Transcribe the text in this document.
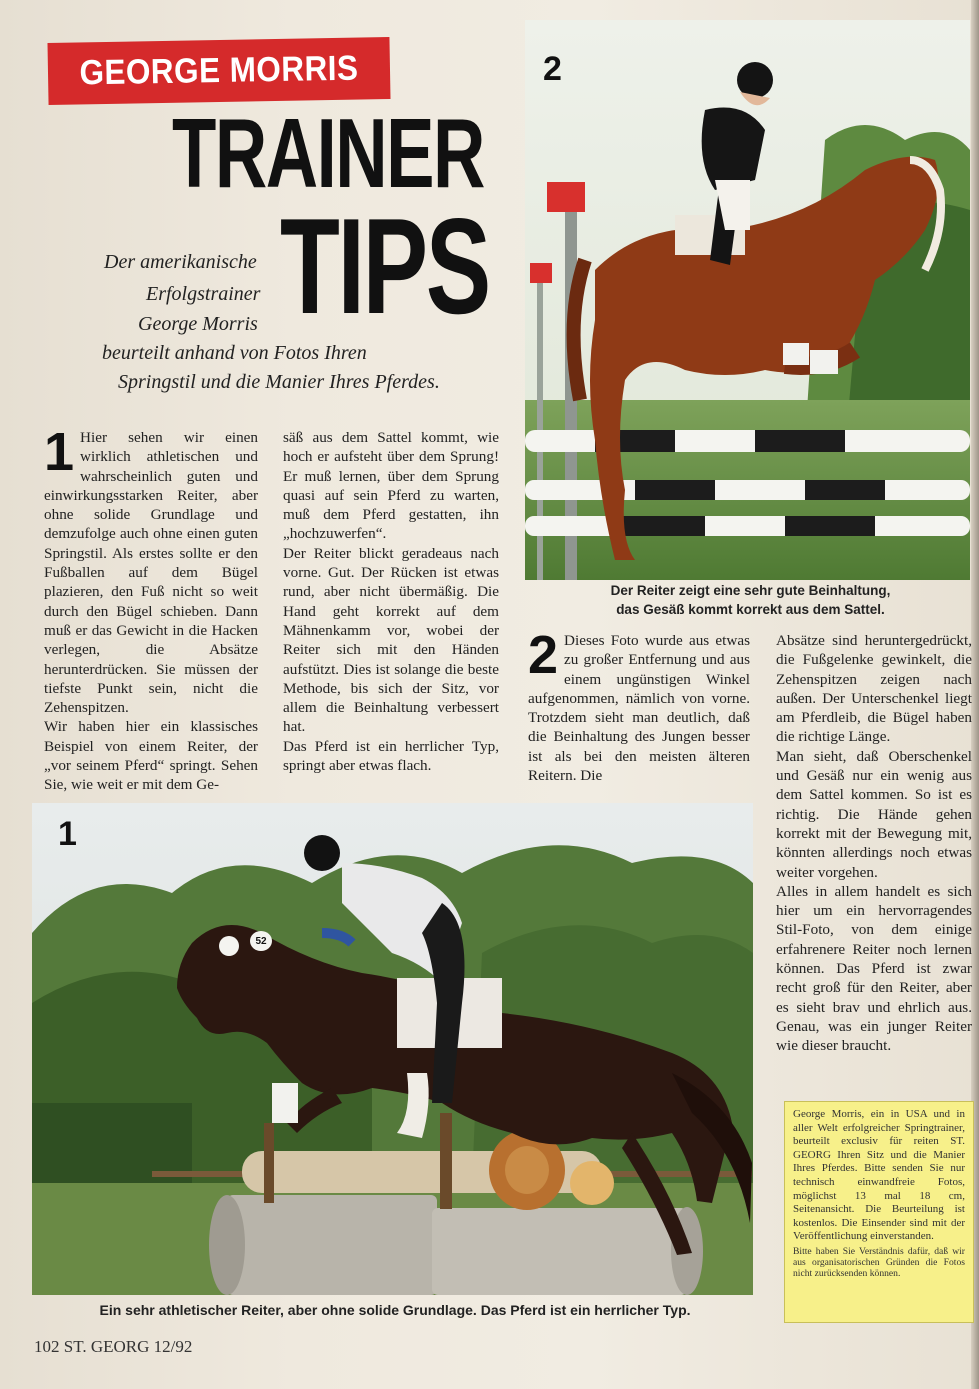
GEORGE MORRIS
TRAINER
TIPS
Der amerikanische
Erfolgstrainer
George Morris
beurteilt anhand von Fotos Ihren
Springstil und die Manier Ihres Pferdes.
1 Hier sehen wir einen wirklich athletischen und wahrscheinlich guten und einwirkungsstarken Reiter, aber ohne solide Grundlage und demzufolge auch ohne einen guten Springstil. Als erstes sollte er den Fußballen auf dem Bügel plazieren, den Fuß nicht so weit durch den Bügel schieben. Dann muß er das Gewicht in die Hacken verlegen, die Absätze herunterdrücken. Sie müssen der tiefste Punkt sein, nicht die Zehenspitzen.
Wir haben hier ein klassisches Beispiel von einem Reiter, der „vor seinem Pferd“ springt. Sehen Sie, wie weit er mit dem Ge-
säß aus dem Sattel kommt, wie hoch er aufsteht über dem Sprung! Er muß lernen, über dem Sprung quasi auf sein Pferd zu warten, muß dem Pferd gestatten, ihn „hochzuwerfen“.
Der Reiter blickt geradeaus nach vorne. Gut. Der Rücken ist etwas rund, aber nicht übermäßig. Die Hand geht korrekt auf dem Mähnenkamm vor, wobei der Reiter sich mit den Händen aufstützt. Dies ist solange die beste Methode, bis sich der Sitz, vor allem die Beinhaltung verbessert hat.
Das Pferd ist ein herrlicher Typ, springt aber etwas flach.
2
Der Reiter zeigt eine sehr gute Beinhaltung,
das Gesäß kommt korrekt aus dem Sattel.
2 Dieses Foto wurde aus etwas zu großer Entfernung und aus einem ungünstigen Winkel aufgenommen, nämlich von vorne. Trotzdem sieht man deutlich, daß die Beinhaltung des Jungen besser ist als bei den meisten älteren Reitern. Die
Absätze sind heruntergedrückt, die Fußgelenke gewinkelt, die Zehenspitzen zeigen nach außen. Der Unterschenkel liegt am Pferdleib, die Bügel haben die richtige Länge.
Man sieht, daß Oberschenkel und Gesäß nur ein wenig aus dem Sattel kommen. So ist es richtig. Die Hände gehen korrekt mit der Bewegung mit, könnten allerdings noch etwas weiter vorgehen.
Alles in allem handelt es sich hier um ein hervorragendes Stil-Foto, von dem einige erfahrenere Reiter noch lernen können. Das Pferd ist zwar recht groß für den Reiter, aber es sieht brav und ehrlich aus. Genau, was ein junger Reiter wie dieser braucht.
1
52
Ein sehr athletischer Reiter, aber ohne solide Grundlage. Das Pferd ist ein herrlicher Typ.
George Morris, ein in USA und in aller Welt erfolgreicher Springtrainer, beurteilt exclusiv für reiten ST. GEORG Ihren Sitz und die Manier Ihres Pferdes. Bitte senden Sie nur technisch einwandfreie Fotos, möglichst 13 mal 18 cm, Seitenansicht. Die Beurteilung ist kostenlos. Die Einsender sind mit der Veröffentlichung einverstanden.
Bitte haben Sie Verständnis dafür, daß wir aus organisatorischen Gründen die Fotos nicht zurücksenden können.
102 ST. GEORG 12/92
